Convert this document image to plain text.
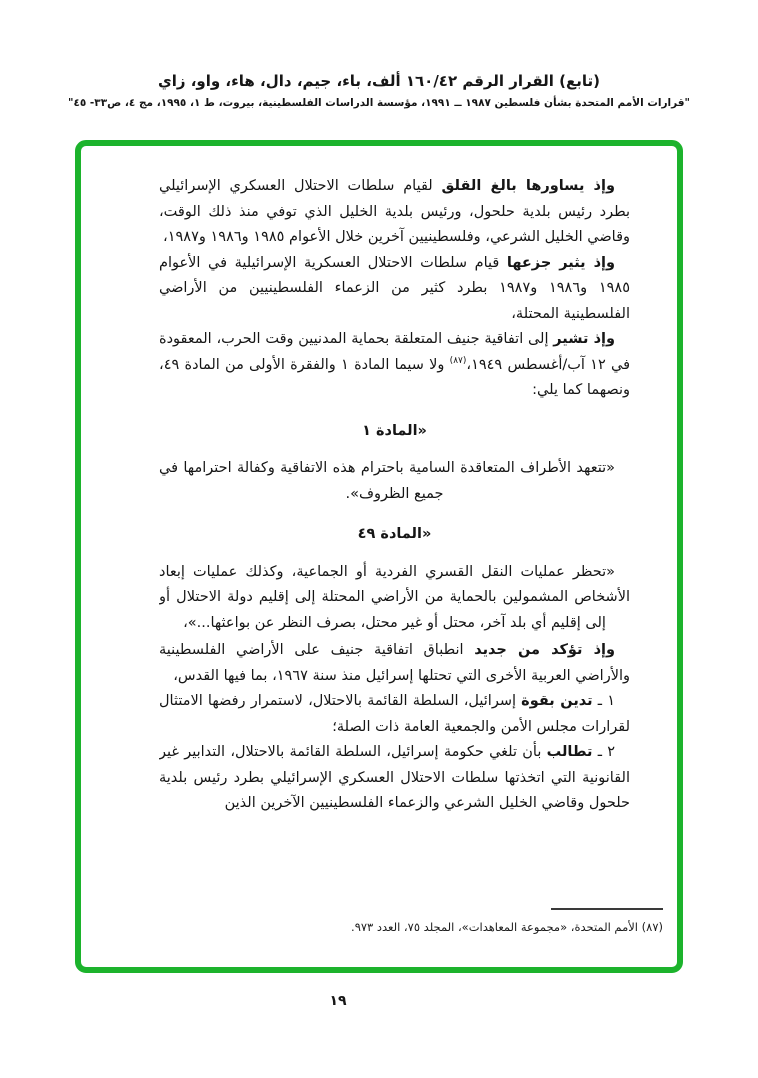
(تابع) القرار الرقم ١٦٠/٤٢ ألف، باء، جيم، دال، هاء، واو، زاي
"قرارات الأمم المتحدة بشأن فلسطين ١٩٨٧ ــ ١٩٩١، مؤسسة الدراسات الفلسطينية، بيروت، ط ١، ١٩٩٥، مج ٤، ص٣٣- ٤٥"

وإذ يساورها بالغ القلق لقيام سلطات الاحتلال العسكري الإسرائيلي بطرد رئيس بلدية حلحول، ورئيس بلدية الخليل الذي توفي منذ ذلك الوقت، وقاضي الخليل الشرعي، وفلسطينيين آخرين خلال الأعوام ١٩٨٥ و١٩٨٦ و١٩٨٧،

وإذ يثير جزعها قيام سلطات الاحتلال العسكرية الإسرائيلية في الأعوام ١٩٨٥ و١٩٨٦ و١٩٨٧ بطرد كثير من الزعماء الفلسطينيين من الأراضي الفلسطينية المحتلة،

وإذ تشير إلى اتفاقية جنيف المتعلقة بحماية المدنيين وقت الحرب، المعقودة في ١٢ آب/أغسطس ١٩٤٩،$^{(٨٧)}$ ولا سيما المادة ١ والفقرة الأولى من المادة ٤٩، ونصهما كما يلي:

«المادة ١

«تتعهد الأطراف المتعاقدة السامية باحترام هذه الاتفاقية وكفالة احترامها في جميع الظروف».

«المادة ٤٩

«تحظر عمليات النقل القسري الفردية أو الجماعية، وكذلك عمليات إبعاد الأشخاص المشمولين بالحماية من الأراضي المحتلة إلى إقليم دولة الاحتلال أو إلى إقليم أي بلد آخر، محتل أو غير محتل، بصرف النظر عن بواعثها...»،

وإذ تؤكد من جديد انطباق اتفاقية جنيف على الأراضي الفلسطينية والأراضي العربية الأخرى التي تحتلها إسرائيل منذ سنة ١٩٦٧، بما فيها القدس،

١ ـ تدين بقوة إسرائيل، السلطة القائمة بالاحتلال، لاستمرار رفضها الامتثال لقرارات مجلس الأمن والجمعية العامة ذات الصلة؛

٢ ـ تطالب بأن تلغي حكومة إسرائيل، السلطة القائمة بالاحتلال، التدابير غير القانونية التي اتخذتها سلطات الاحتلال العسكري الإسرائيلي بطرد رئيس بلدية حلحول وقاضي الخليل الشرعي والزعماء الفلسطينيين الآخرين الذين

(٨٧) الأمم المتحدة، «مجموعة المعاهدات»، المجلد ٧٥، العدد ٩٧٣.
١٩
